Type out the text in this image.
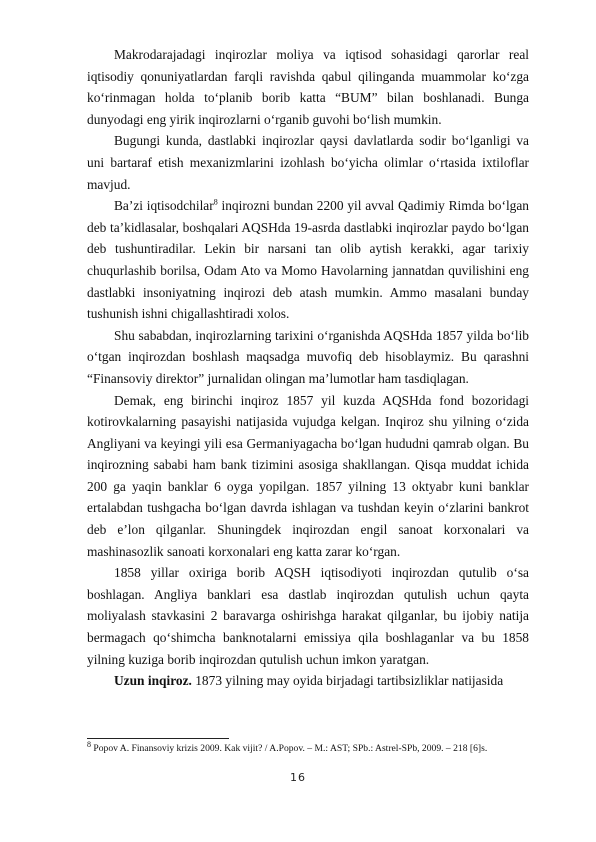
Makrodarajadagi inqirozlar moliya va iqtisod sohasidagi qarorlar real iqtisodiy qonuniyatlardan farqli ravishda qabul qilinganda muammolar ko‘zga ko‘rinmagan holda to‘planib borib katta “BUM” bilan boshlanadi. Bunga dunyodagi eng yirik inqirozlarni o‘rganib guvohi bo‘lish mumkin.

Bugungi kunda, dastlabki inqirozlar qaysi davlatlarda sodir bo‘lganligi va uni bartaraf etish mexanizmlarini izohlash bo‘yicha olimlar o‘rtasida ixtiloflar mavjud.

Ba’zi iqtisodchilar$^8$ inqirozni bundan 2200 yil avval Qadimiy Rimda bo‘lgan deb ta’kidlasalar, boshqalari AQSHda 19-asrda dastlabki inqirozlar paydo bo‘lgan deb tushuntiradilar. Lekin bir narsani tan olib aytish kerakki, agar tarixiy chuqurlashib borilsa, Odam Ato va Momo Havolarning jannatdan quvilishini eng dastlabki insoniyatning inqirozi deb atash mumkin. Ammo masalani bunday tushunish ishni chigallashtiradi xolos.

Shu sababdan, inqirozlarning tarixini o‘rganishda AQSHda 1857 yilda bo‘lib o‘tgan inqirozdan boshlash maqsadga muvofiq deb hisoblaymiz. Bu qarashni “Finansoviy direktor” jurnalidan olingan ma’lumotlar ham tasdiqlagan.

Demak, eng birinchi inqiroz 1857 yil kuzda AQSHda fond bozoridagi kotirovkalarning pasayishi natijasida vujudga kelgan. Inqiroz shu yilning o‘zida Angliyani va keyingi yili esa Germaniyagacha bo‘lgan hududni qamrab olgan. Bu inqirozning sababi ham bank tizimini asosiga shakllangan. Qisqa muddat ichida 200 ga yaqin banklar 6 oyga yopilgan. 1857 yilning 13 oktyabr kuni banklar ertalabdan tushgacha bo‘lgan davrda ishlagan va tushdan keyin o‘zlarini bankrot deb e’lon qilganlar. Shuningdek inqirozdan engil sanoat korxonalari va mashinasozlik sanoati korxonalari eng katta zarar ko‘rgan.

1858 yillar oxiriga borib AQSH iqtisodiyoti inqirozdan qutulib o‘sa boshlagan. Angliya banklari esa dastlab inqirozdan qutulish uchun qayta moliyalash stavkasini 2 baravarga oshirishga harakat qilganlar, bu ijobiy natija bermagach qo‘shimcha banknotalarni emissiya qila boshlaganlar va bu 1858 yilning kuziga borib inqirozdan qutulish uchun imkon yaratgan.

Uzun inqiroz. 1873 yilning may oyida birjadagi tartibsizliklar natijasida

$^8$ Popov A. Finansoviy krizis 2009. Kak vijit? / A.Popov. – M.: AST; SPb.: Astrel-SPb, 2009. – 218 [6]s.
16
